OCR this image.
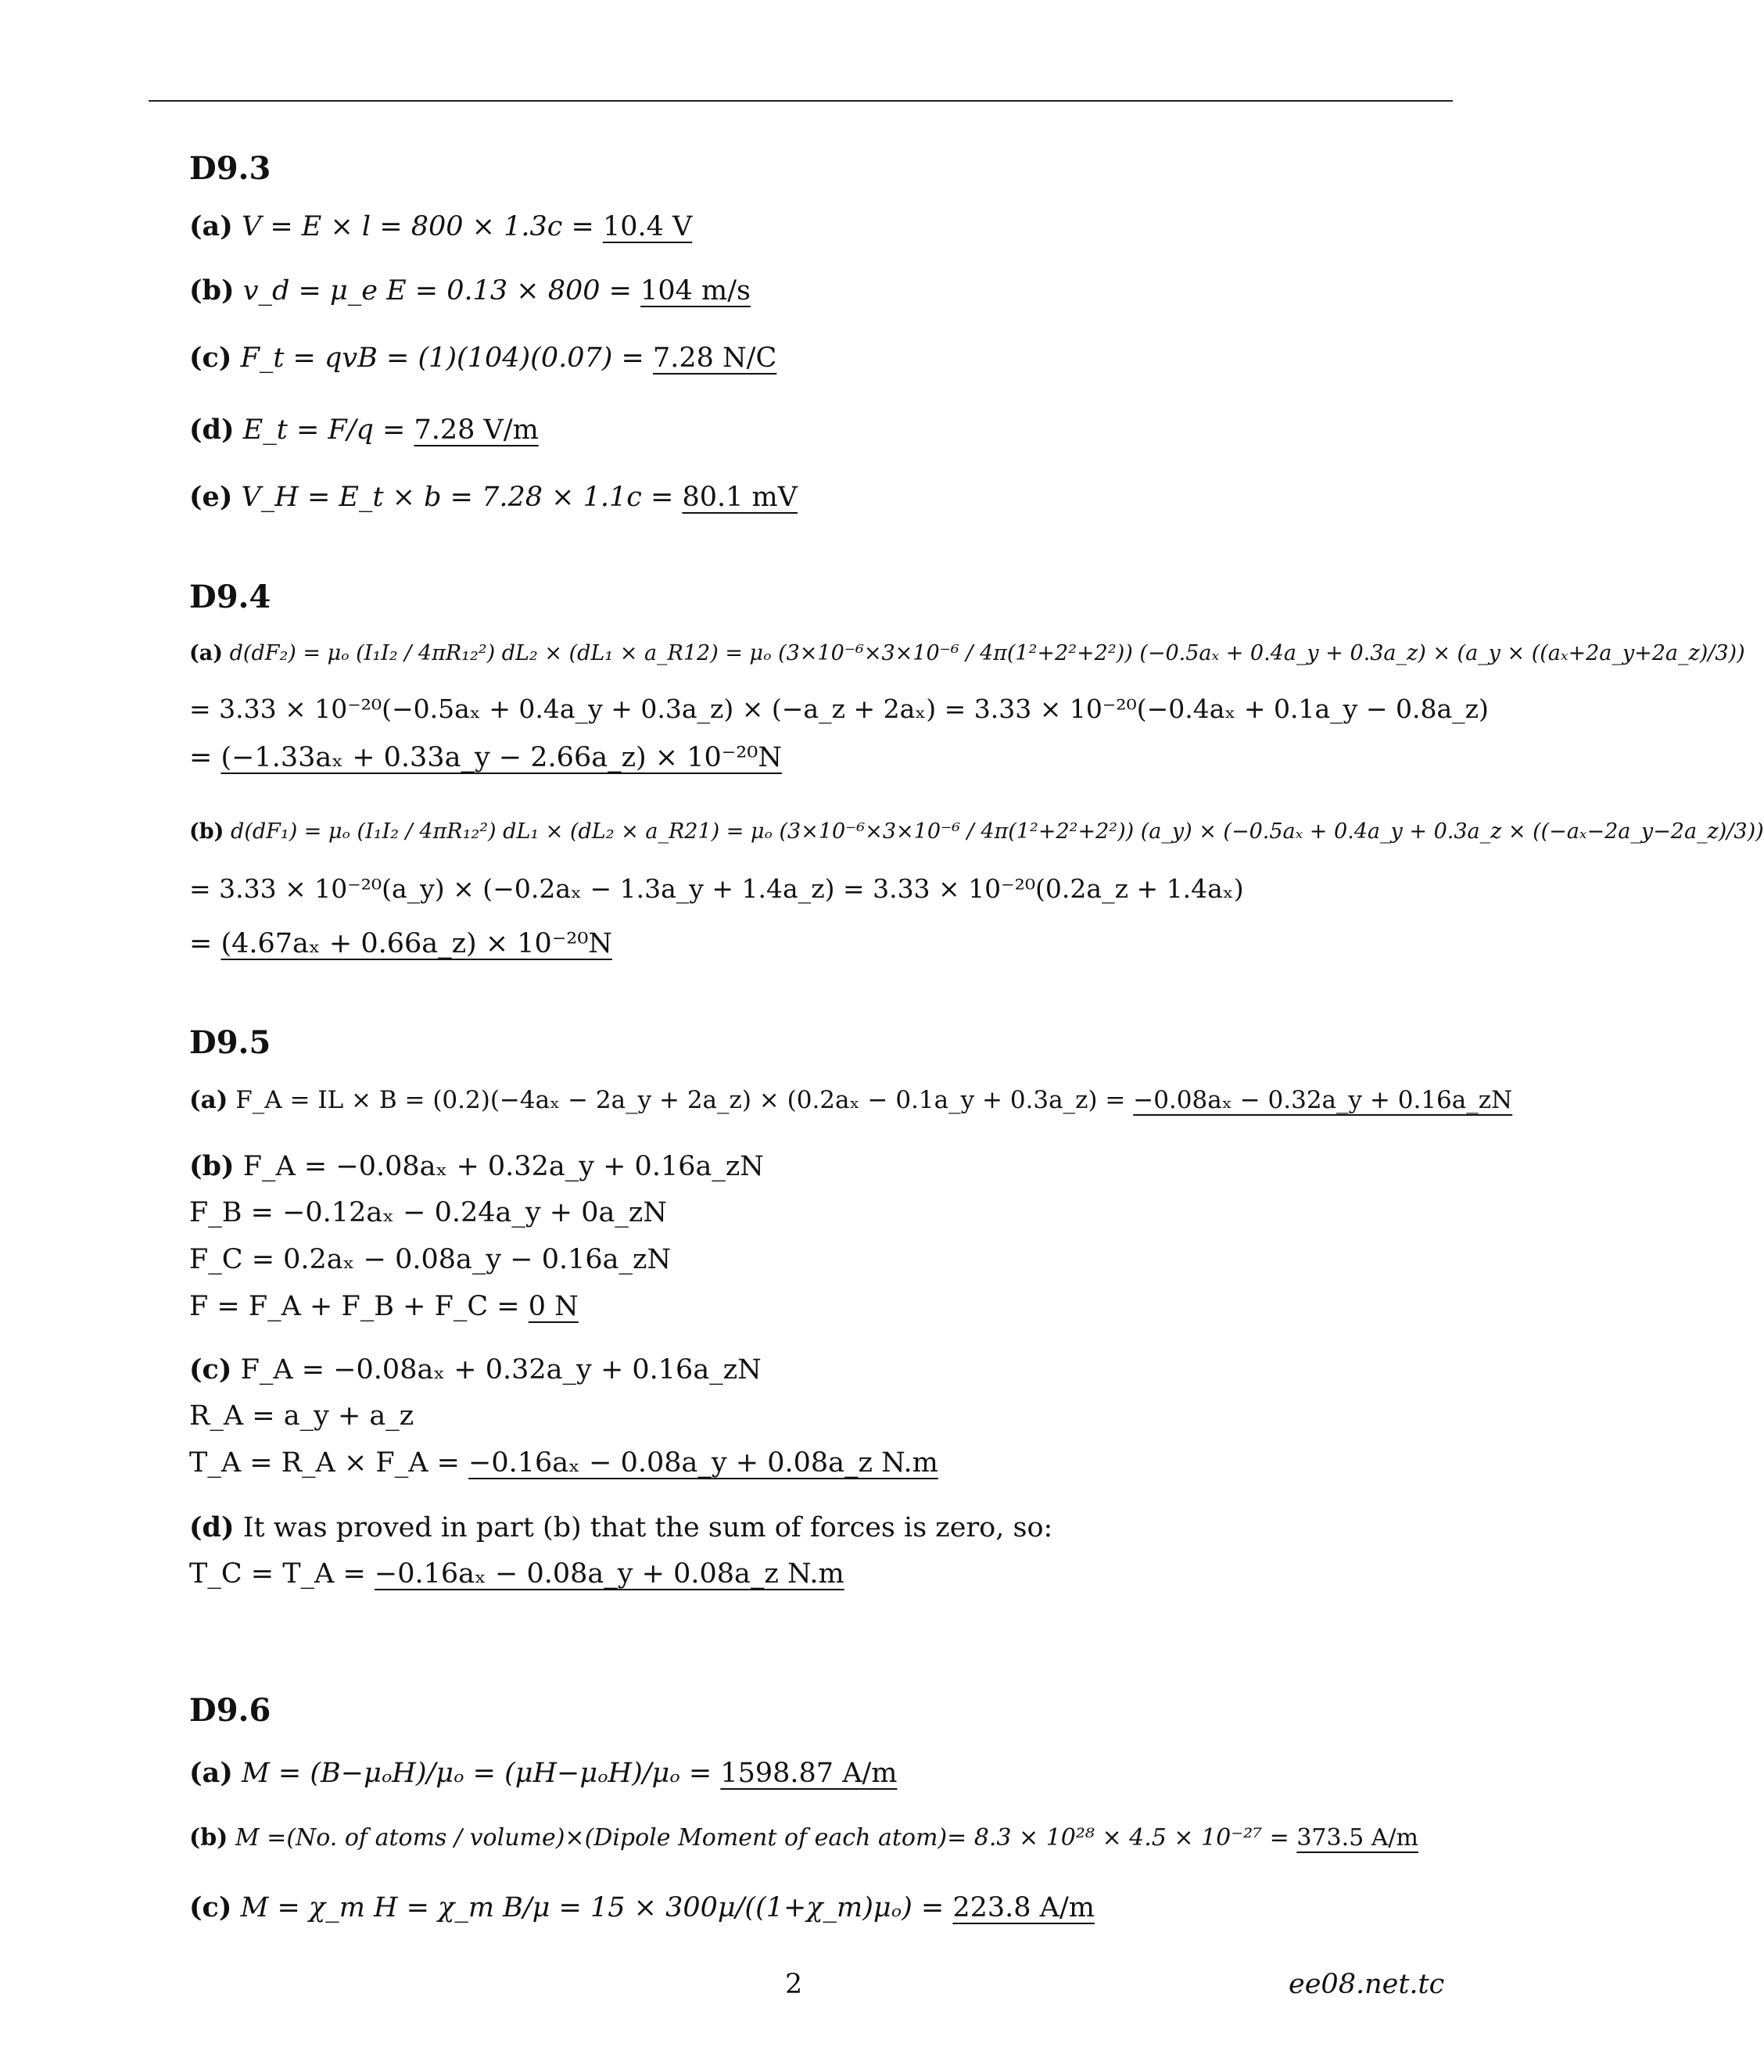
D9.3
(a) V = E × l = 800 × 1.3c = 10.4 V
(b) v_d = μ_e E = 0.13 × 800 = 104 m/s
(c) F_t = qvB = (1)(104)(0.07) = 7.28 N/C
(d) E_t = F/q = 7.28 V/m
(e) V_H = E_t × b = 7.28 × 1.1c = 80.1 mV
D9.4
(a) d(dF₂) = μₒ (I₁I₂ / 4πR₁₂²) dL₂ × (dL₁ × a_R12) = μₒ (3×10⁻⁶×3×10⁻⁶ / 4π(1²+2²+2²)) (−0.5aₓ + 0.4a_y + 0.3a_z) × (a_y × ((aₓ+2a_y+2a_z)/3))
= 3.33 × 10⁻²⁰(−0.5aₓ + 0.4a_y + 0.3a_z) × (−a_z + 2aₓ) = 3.33 × 10⁻²⁰(−0.4aₓ + 0.1a_y − 0.8a_z)
= (−1.33aₓ + 0.33a_y − 2.66a_z) × 10⁻²⁰N
(b) d(dF₁) = μₒ (I₁I₂ / 4πR₁₂²) dL₁ × (dL₂ × a_R21) = μₒ (3×10⁻⁶×3×10⁻⁶ / 4π(1²+2²+2²)) (a_y) × (−0.5aₓ + 0.4a_y + 0.3a_z × ((−aₓ−2a_y−2a_z)/3))
= 3.33 × 10⁻²⁰(a_y) × (−0.2aₓ − 1.3a_y + 1.4a_z) = 3.33 × 10⁻²⁰(0.2a_z + 1.4aₓ)
= (4.67aₓ + 0.66a_z) × 10⁻²⁰N
D9.5
(a) F_A = IL × B = (0.2)(−4aₓ − 2a_y + 2a_z) × (0.2aₓ − 0.1a_y + 0.3a_z) = −0.08aₓ − 0.32a_y + 0.16a_zN
(b) F_A = −0.08aₓ + 0.32a_y + 0.16a_zN
F_B = −0.12aₓ − 0.24a_y + 0a_zN
F_C = 0.2aₓ − 0.08a_y − 0.16a_zN
F = F_A + F_B + F_C = 0 N
(c) F_A = −0.08aₓ + 0.32a_y + 0.16a_zN
R_A = a_y + a_z
T_A = R_A × F_A = −0.16aₓ − 0.08a_y + 0.08a_z N.m
(d) It was proved in part (b) that the sum of forces is zero, so:
T_C = T_A = −0.16aₓ − 0.08a_y + 0.08a_z N.m
D9.6
(a) M = (B−μₒH)/μₒ = (μH−μₒH)/μₒ = 1598.87 A/m
(b) M =(No. of atoms / volume)×(Dipole Moment of each atom)= 8.3 × 10²⁸ × 4.5 × 10⁻²⁷ = 373.5 A/m
(c) M = χ_m H = χ_m B/μ = 15 × 300μ/((1+χ_m)μₒ) = 223.8 A/m
2	ee08.net.tc
